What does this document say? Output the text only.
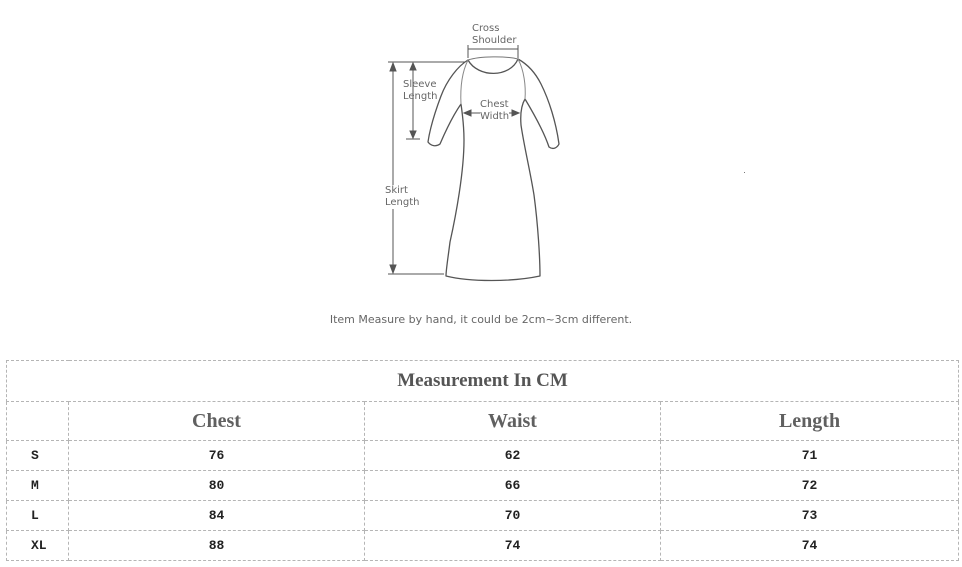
Cross
Shoulder
Sleeve
Length
Chest
Width
Skirt
Length
Item Measure by hand, it could be 2cm~3cm different.
Measurement In CM			
	Chest	Waist	Length
S	76	62	71
M	80	66	72
L	84	70	73
XL	88	74	74
